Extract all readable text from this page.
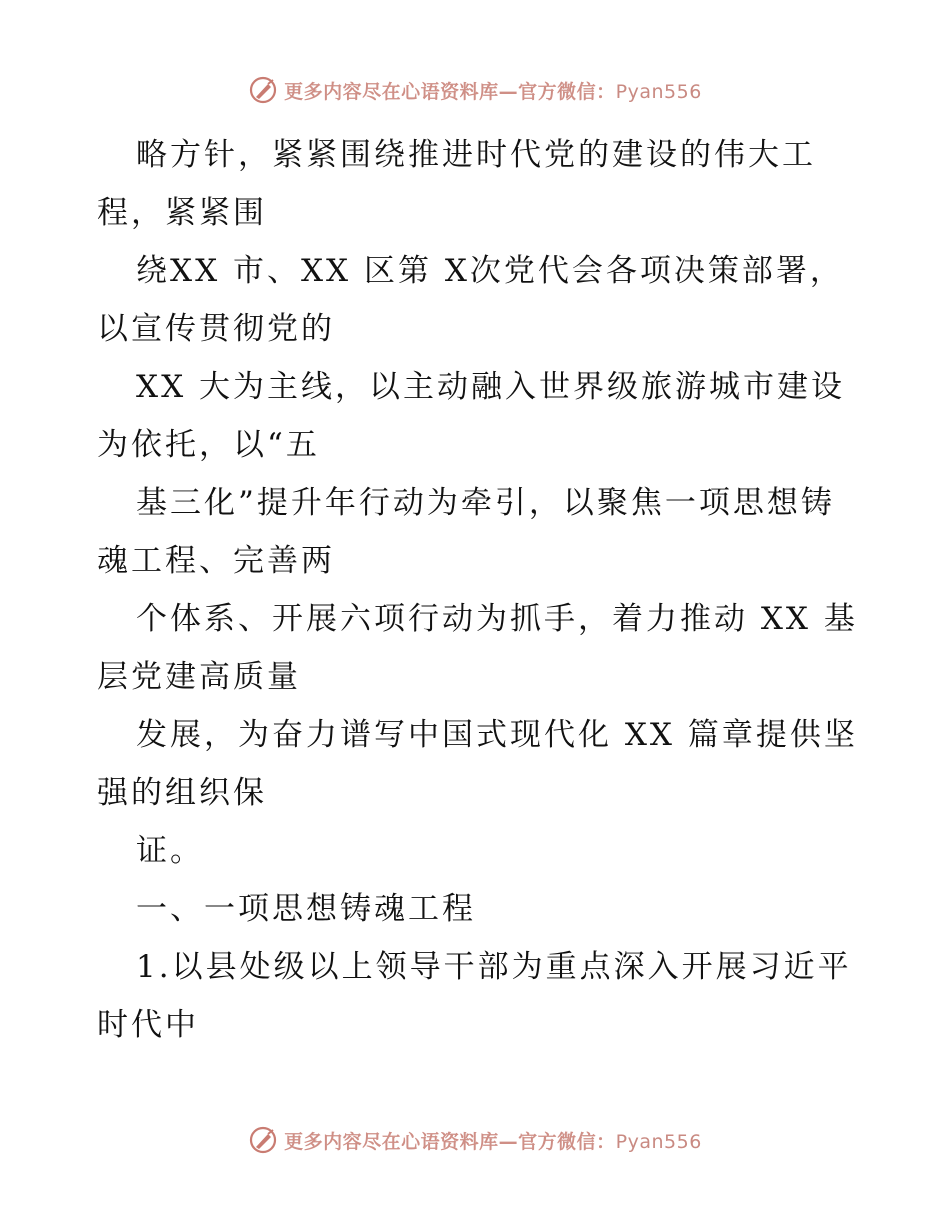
更多内容尽在心语资料库—官方微信：Pyan556
略方针，紧紧围绕推进时代党的建设的伟大工
程，紧紧围
绕XX 市、XX 区第 X次党代会各项决策部署，
以宣传贯彻党的
XX 大为主线，以主动融入世界级旅游城市建设
为依托，以“五
基三化”提升年行动为牵引，以聚焦一项思想铸
魂工程、完善两
个体系、开展六项行动为抓手，着力推动 XX 基
层党建高质量
发展，为奋力谱写中国式现代化 XX 篇章提供坚
强的组织保
证。
一、一项思想铸魂工程
1.以县处级以上领导干部为重点深入开展习近平
时代中
更多内容尽在心语资料库—官方微信：Pyan556
